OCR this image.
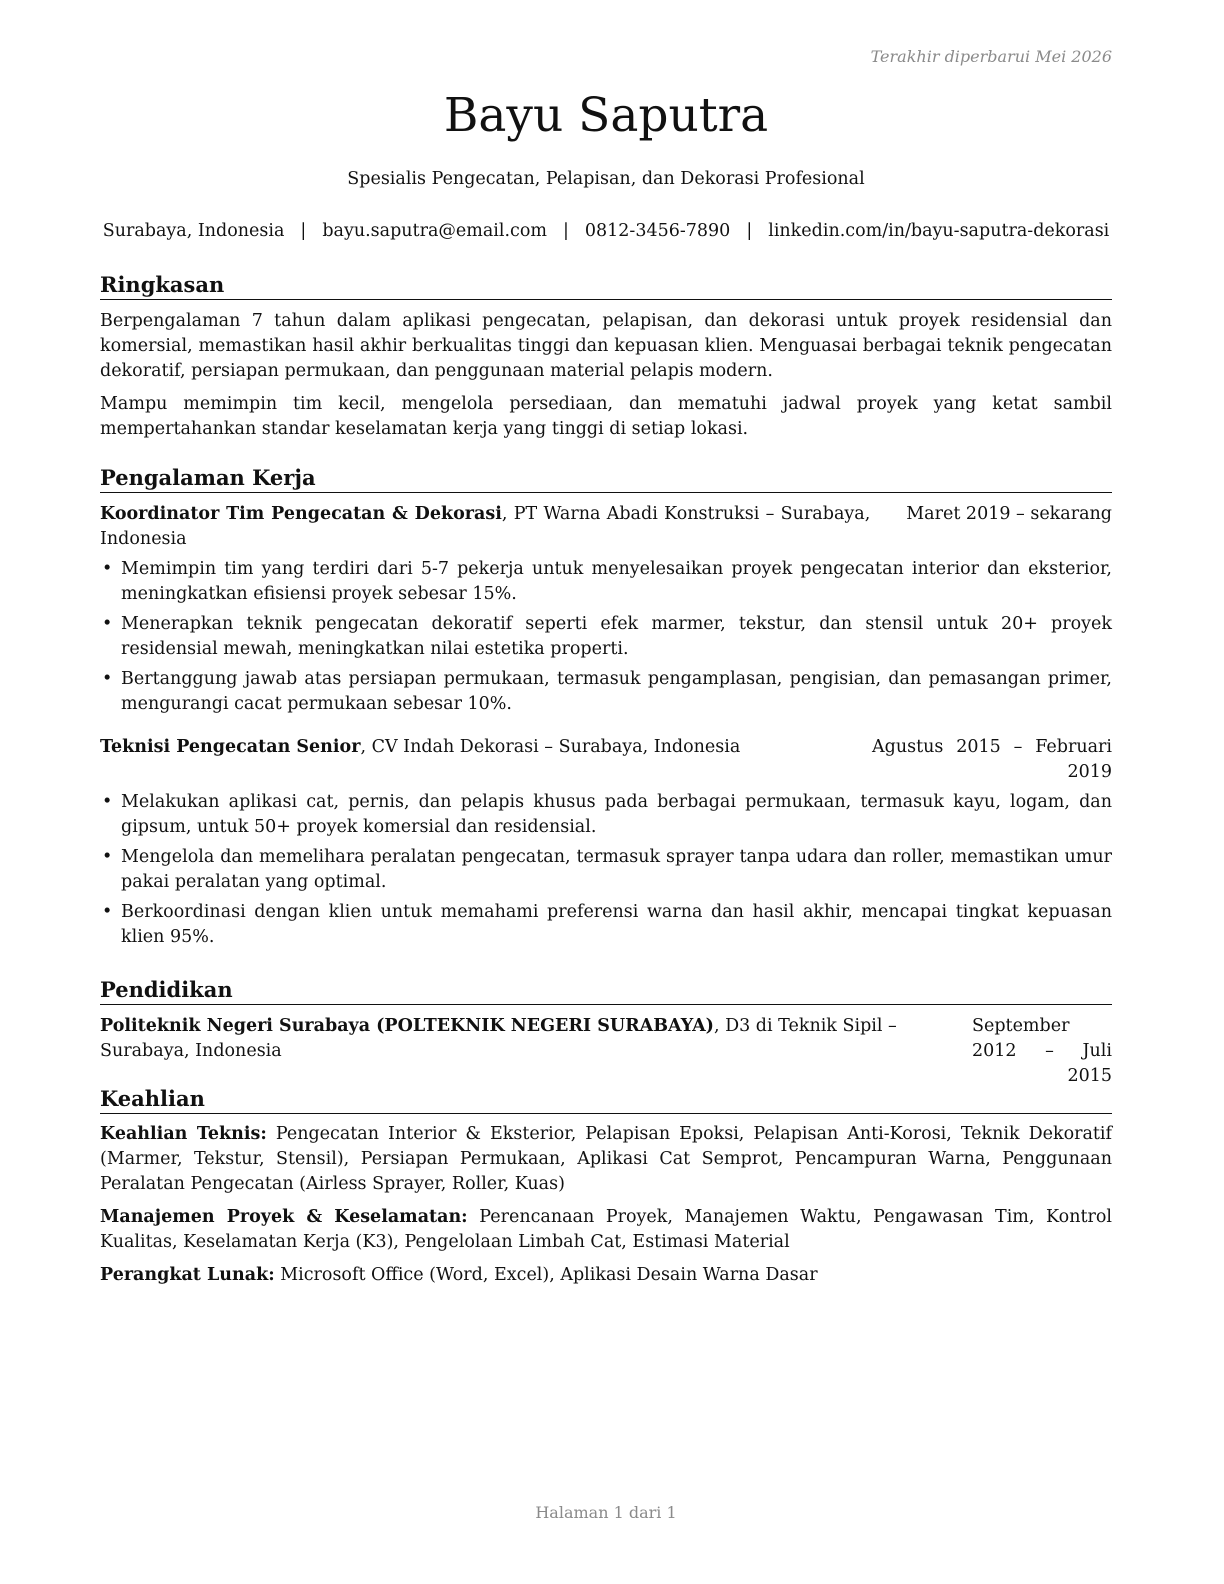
Terakhir diperbarui Mei 2026
Bayu Saputra
Spesialis Pengecatan, Pelapisan, dan Dekorasi Profesional
Surabaya, Indonesia | bayu.saputra@email.com | 0812-3456-7890 | linkedin.com/in/bayu-saputra-dekorasi
Ringkasan

Berpengalaman 7 tahun dalam aplikasi pengecatan, pelapisan, dan dekorasi untuk proyek residensial dan komersial, memastikan hasil akhir berkualitas tinggi dan kepuasan klien. Menguasai berbagai teknik pengecatan dekoratif, persiapan permukaan, dan penggunaan material pelapis modern.

Mampu memimpin tim kecil, mengelola persediaan, dan mematuhi jadwal proyek yang ketat sambil mempertahankan standar keselamatan kerja yang tinggi di setiap lokasi.

Pengalaman Kerja
Koordinator Tim Pengecatan & Dekorasi, PT Warna Abadi Konstruksi – Surabaya, Indonesia
Maret 2019 – sekarang
• Memimpin tim yang terdiri dari 5-7 pekerja untuk menyelesaikan proyek pengecatan interior dan eksterior, meningkatkan efisiensi proyek sebesar 15%.
• Menerapkan teknik pengecatan dekoratif seperti efek marmer, tekstur, dan stensil untuk 20+ proyek residensial mewah, meningkatkan nilai estetika properti.
• Bertanggung jawab atas persiapan permukaan, termasuk pengamplasan, pengisian, dan pemasangan primer, mengurangi cacat permukaan sebesar 10%.
Teknisi Pengecatan Senior, CV Indah Dekorasi – Surabaya, Indonesia	Agustus 2015 – Februari 2019
• Melakukan aplikasi cat, pernis, dan pelapis khusus pada berbagai permukaan, termasuk kayu, logam, dan gipsum, untuk 50+ proyek komersial dan residensial.
• Mengelola dan memelihara peralatan pengecatan, termasuk sprayer tanpa udara dan roller, memastikan umur pakai peralatan yang optimal.
• Berkoordinasi dengan klien untuk memahami preferensi warna dan hasil akhir, mencapai tingkat kepuasan klien 95%.
Pendidikan
Politeknik Negeri Surabaya (POLTEKNIK NEGERI SURABAYA), D3 di Teknik Sipil – Surabaya, Indonesia
September 2012 – Juli 2015
Keahlian

Keahlian Teknis: Pengecatan Interior & Eksterior, Pelapisan Epoksi, Pelapisan Anti-Korosi, Teknik Dekoratif (Marmer, Tekstur, Stensil), Persiapan Permukaan, Aplikasi Cat Semprot, Pencampuran Warna, Penggunaan Peralatan Pengecatan (Airless Sprayer, Roller, Kuas)

Manajemen Proyek & Keselamatan: Perencanaan Proyek, Manajemen Waktu, Pengawasan Tim, Kontrol Kualitas, Keselamatan Kerja (K3), Pengelolaan Limbah Cat, Estimasi Material

Perangkat Lunak: Microsoft Office (Word, Excel), Aplikasi Desain Warna Dasar

Halaman 1 dari 1
